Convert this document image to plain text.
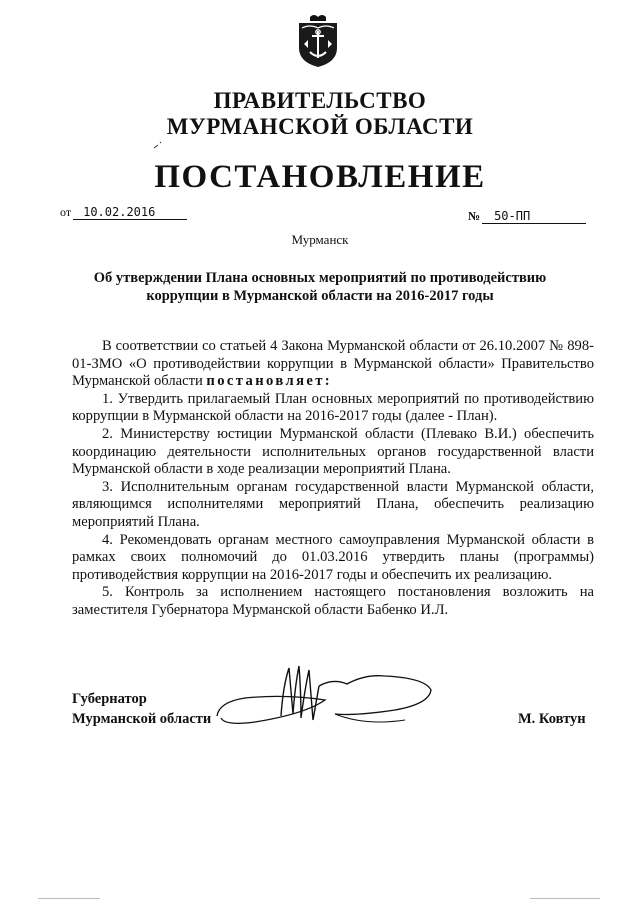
ПРАВИТЕЛЬСТВО
МУРМАНСКОЙ ОБЛАСТИ
ПОСТАНОВЛЕНИЕ
от 10.02.2016	№ 50-ПП
Мурманск
Об утверждении Плана основных мероприятий по противодействию
коррупции в Мурманской области на 2016-2017 годы

В соответствии со статьей 4 Закона Мурманской области от 26.10.2007 № 898-01-ЗМО «О противодействии коррупции в Мурманской области» Правительство Мурманской области постановляет:

1. Утвердить прилагаемый План основных мероприятий по противодействию коррупции в Мурманской области на 2016-2017 годы (далее - План).

2. Министерству юстиции Мурманской области (Плевако В.И.) обеспечить координацию деятельности исполнительных органов государственной власти Мурманской области в ходе реализации мероприятий Плана.

3. Исполнительным органам государственной власти Мурманской области, являющимся исполнителями мероприятий Плана, обеспечить реализацию мероприятий Плана.

4. Рекомендовать органам местного самоуправления Мурманской области в рамках своих полномочий до 01.03.2016 утвердить планы (программы) противодействия коррупции на 2016-2017 годы и обеспечить их реализацию.

5. Контроль за исполнением настоящего постановления возложить на заместителя Губернатора Мурманской области Бабенко И.Л.

Губернатор
Мурманской области	М. Ковтун
